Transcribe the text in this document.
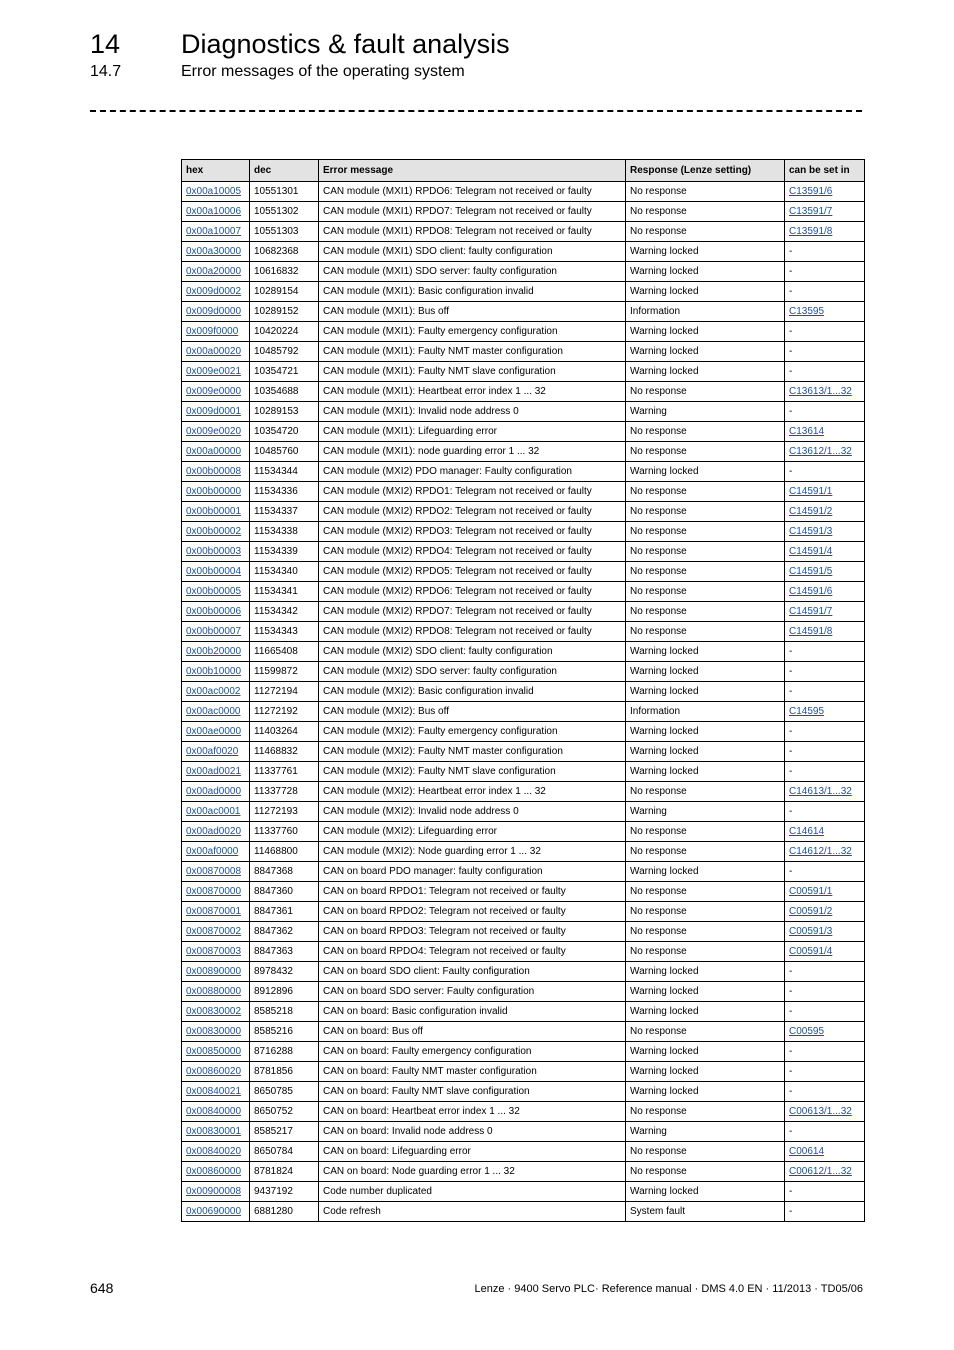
14 Diagnostics & fault analysis
14.7	Error messages of the operating system
hex	dec	Error message	Response (Lenze setting)	can be set in
0x00a10005	10551301	CAN module (MXI1) RPDO6: Telegram not received or faulty	No response	C13591/6
0x00a10006	10551302	CAN module (MXI1) RPDO7: Telegram not received or faulty	No response	C13591/7
0x00a10007	10551303	CAN module (MXI1) RPDO8: Telegram not received or faulty	No response	C13591/8
0x00a30000	10682368	CAN module (MXI1) SDO client: faulty configuration	Warning locked	-
0x00a20000	10616832	CAN module (MXI1) SDO server: faulty configuration	Warning locked	-
0x009d0002	10289154	CAN module (MXI1): Basic configuration invalid	Warning locked	-
0x009d0000	10289152	CAN module (MXI1): Bus off	Information	C13595
0x009f0000	10420224	CAN module (MXI1): Faulty emergency configuration	Warning locked	-
0x00a00020	10485792	CAN module (MXI1): Faulty NMT master configuration	Warning locked	-
0x009e0021	10354721	CAN module (MXI1): Faulty NMT slave configuration	Warning locked	-
0x009e0000	10354688	CAN module (MXI1): Heartbeat error index 1 ... 32	No response	C13613/1...32
0x009d0001	10289153	CAN module (MXI1): Invalid node address 0	Warning	-
0x009e0020	10354720	CAN module (MXI1): Lifeguarding error	No response	C13614
0x00a00000	10485760	CAN module (MXI1): node guarding error 1 ... 32	No response	C13612/1...32
0x00b00008	11534344	CAN module (MXI2) PDO manager: Faulty configuration	Warning locked	-
0x00b00000	11534336	CAN module (MXI2) RPDO1: Telegram not received or faulty	No response	C14591/1
0x00b00001	11534337	CAN module (MXI2) RPDO2: Telegram not received or faulty	No response	C14591/2
0x00b00002	11534338	CAN module (MXI2) RPDO3: Telegram not received or faulty	No response	C14591/3
0x00b00003	11534339	CAN module (MXI2) RPDO4: Telegram not received or faulty	No response	C14591/4
0x00b00004	11534340	CAN module (MXI2) RPDO5: Telegram not received or faulty	No response	C14591/5
0x00b00005	11534341	CAN module (MXI2) RPDO6: Telegram not received or faulty	No response	C14591/6
0x00b00006	11534342	CAN module (MXI2) RPDO7: Telegram not received or faulty	No response	C14591/7
0x00b00007	11534343	CAN module (MXI2) RPDO8: Telegram not received or faulty	No response	C14591/8
0x00b20000	11665408	CAN module (MXI2) SDO client: faulty configuration	Warning locked	-
0x00b10000	11599872	CAN module (MXI2) SDO server: faulty configuration	Warning locked	-
0x00ac0002	11272194	CAN module (MXI2): Basic configuration invalid	Warning locked	-
0x00ac0000	11272192	CAN module (MXI2): Bus off	Information	C14595
0x00ae0000	11403264	CAN module (MXI2): Faulty emergency configuration	Warning locked	-
0x00af0020	11468832	CAN module (MXI2): Faulty NMT master configuration	Warning locked	-
0x00ad0021	11337761	CAN module (MXI2): Faulty NMT slave configuration	Warning locked	-
0x00ad0000	11337728	CAN module (MXI2): Heartbeat error index 1 ... 32	No response	C14613/1...32
0x00ac0001	11272193	CAN module (MXI2): Invalid node address 0	Warning	-
0x00ad0020	11337760	CAN module (MXI2): Lifeguarding error	No response	C14614
0x00af0000	11468800	CAN module (MXI2): Node guarding error 1 ... 32	No response	C14612/1...32
0x00870008	8847368	CAN on board PDO manager: faulty configuration	Warning locked	-
0x00870000	8847360	CAN on board RPDO1: Telegram not received or faulty	No response	C00591/1
0x00870001	8847361	CAN on board RPDO2: Telegram not received or faulty	No response	C00591/2
0x00870002	8847362	CAN on board RPDO3: Telegram not received or faulty	No response	C00591/3
0x00870003	8847363	CAN on board RPDO4: Telegram not received or faulty	No response	C00591/4
0x00890000	8978432	CAN on board SDO client: Faulty configuration	Warning locked	-
0x00880000	8912896	CAN on board SDO server: Faulty configuration	Warning locked	-
0x00830002	8585218	CAN on board: Basic configuration invalid	Warning locked	-
0x00830000	8585216	CAN on board: Bus off	No response	C00595
0x00850000	8716288	CAN on board: Faulty emergency configuration	Warning locked	-
0x00860020	8781856	CAN on board: Faulty NMT master configuration	Warning locked	-
0x00840021	8650785	CAN on board: Faulty NMT slave configuration	Warning locked	-
0x00840000	8650752	CAN on board: Heartbeat error index 1 ... 32	No response	C00613/1...32
0x00830001	8585217	CAN on board: Invalid node address 0	Warning	-
0x00840020	8650784	CAN on board: Lifeguarding error	No response	C00614
0x00860000	8781824	CAN on board: Node guarding error 1 ... 32	No response	C00612/1...32
0x00900008	9437192	Code number duplicated	Warning locked	-
0x00690000	6881280	Code refresh	System fault	-
648	Lenze · 9400 Servo PLC· Reference manual · DMS 4.0 EN · 11/2013 · TD05/06
